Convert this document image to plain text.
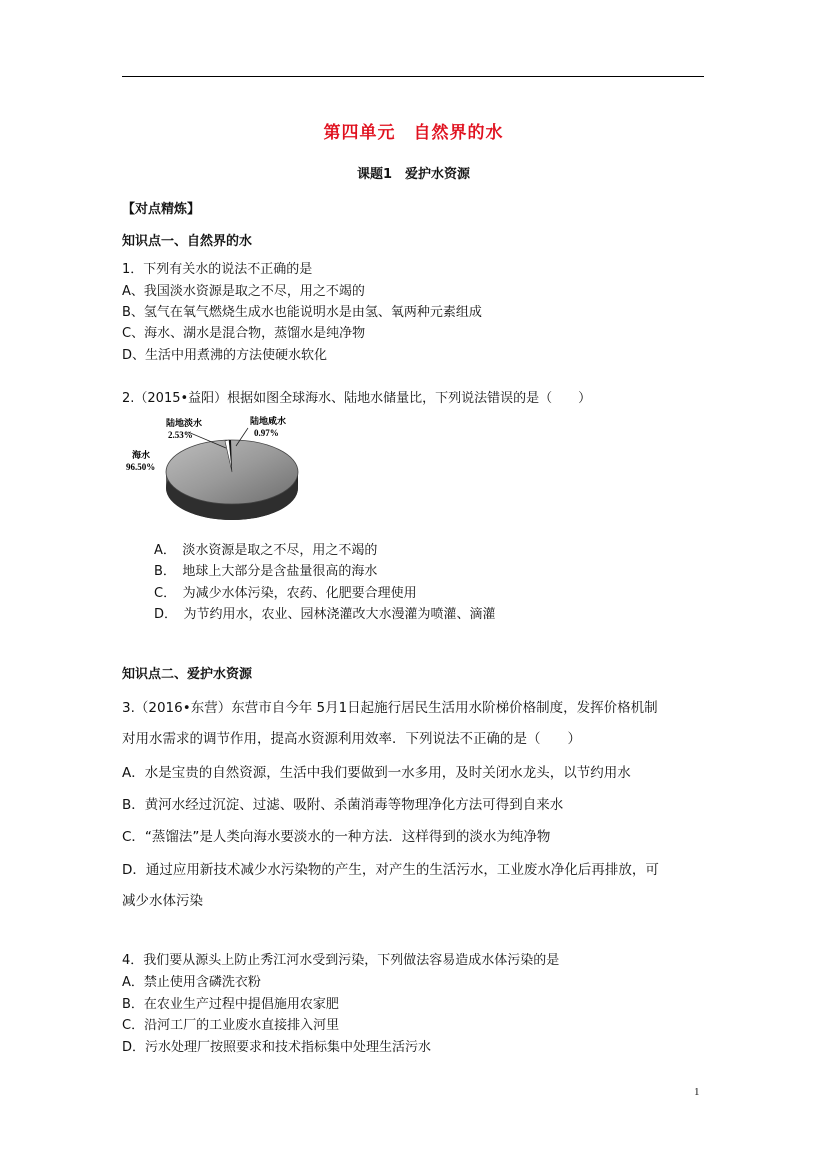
第四单元　自然界的水
课题1　爱护水资源
【对点精炼】
知识点一、自然界的水
1．下列有关水的说法不正确的是
A、我国淡水资源是取之不尽，用之不竭的
B、氢气在氧气燃烧生成水也能说明水是由氢、氧两种元素组成
C、海水、湖水是混合物，蒸馏水是纯净物
D、生活中用煮沸的方法使硬水软化
2.（2015•益阳）根据如图全球海水、陆地水储量比，下列说法错误的是（　　）
陆地淡水
2.53%
陆地咸水
0.97%
海水
96.50%
A．　淡水资源是取之不尽，用之不竭的
B．　地球上大部分是含盐量很高的海水
C．　为减少水体污染，农药、化肥要合理使用
D．　为节约用水，农业、园林浇灌改大水漫灌为喷灌、滴灌
知识点二、爱护水资源
3.（2016•东营）东营市自今年 5月1日起施行居民生活用水阶梯价格制度，发挥价格机制
对用水需求的调节作用，提高水资源利用效率．下列说法不正确的是（　　）
A．水是宝贵的自然资源，生活中我们要做到一水多用，及时关闭水龙头，以节约用水
B．黄河水经过沉淀、过滤、吸附、杀菌消毒等物理净化方法可得到自来水
C．“蒸馏法”是人类向海水要淡水的一种方法．这样得到的淡水为纯净物
D．通过应用新技术减少水污染物的产生，对产生的生活污水，工业废水净化后再排放，可
减少水体污染
4．我们要从源头上防止秀江河水受到污染，下列做法容易造成水体污染的是
A．禁止使用含磷洗衣粉
B．在农业生产过程中提倡施用农家肥
C．沿河工厂的工业废水直接排入河里
D．污水处理厂按照要求和技术指标集中处理生活污水
1
